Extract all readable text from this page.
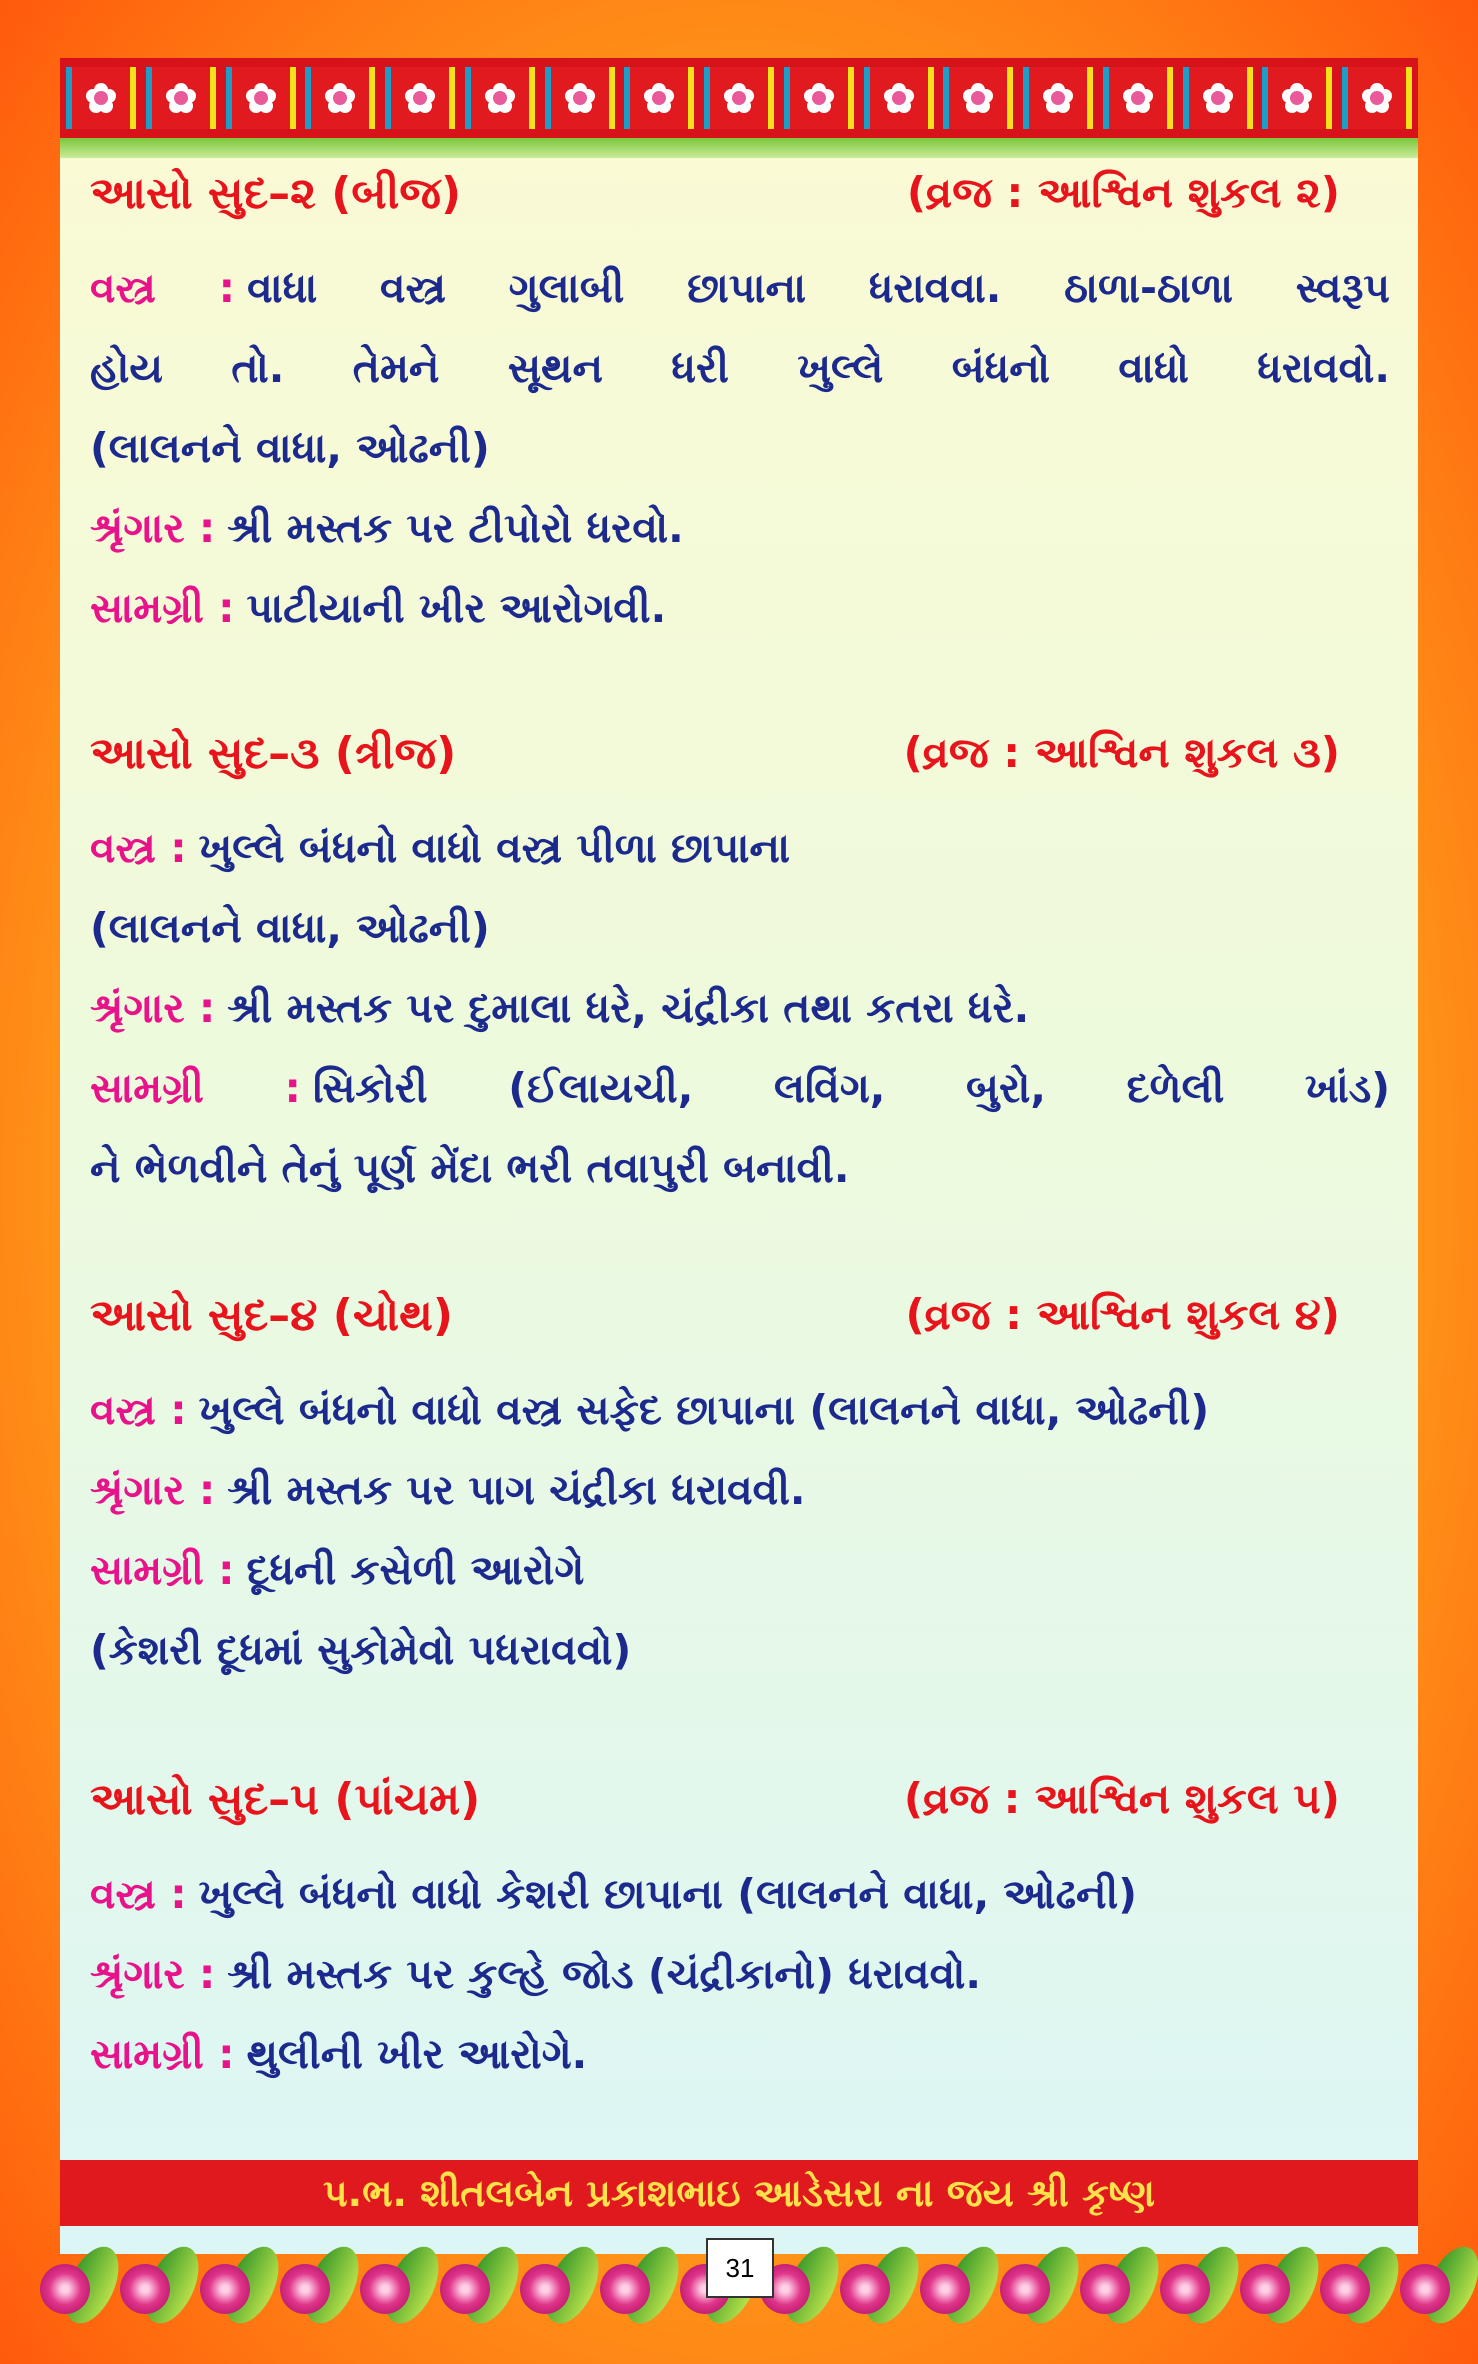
આસો સુદ–૨ (બીજ)	(વ્રજ : આશ્વિન શુકલ ૨)
વસ્ત્ર : વાધા વસ્ત્ર ગુલાબી છાપાના ધરાવવા. ઠાળા-ઠાળા સ્વરૂપ
હોય તો. તેમને સૂથન ધરી ખુલ્લે બંધનો વાધો ધરાવવો.
(લાલનને વાધા, ઓઢની)
શ્રૃંગાર : શ્રી મસ્તક પર ટીપોરો ધરવો.
સામગ્રી : પાટીયાની ખીર આરોગવી.
આસો સુદ–૩ (ત્રીજ)	(વ્રજ : આશ્વિન શુકલ ૩)
વસ્ત્ર : ખુલ્લે બંધનો વાધો વસ્ત્ર પીળા છાપાના
(લાલનને વાધા, ઓઢની)
શ્રૃંગાર : શ્રી મસ્તક પર દુમાલા ધરે, ચંદ્રીકા તથા કતરા ધરે.
સામગ્રી : સિકોરી (ઈલાયચી, લવિંગ, બુરો, દળેલી ખાંડ)
ને ભેળવીને તેનું પૂર્ણ મેંદા ભરી તવાપુરી બનાવી.
આસો સુદ–૪ (ચોથ)	(વ્રજ : આશ્વિન શુકલ ૪)
વસ્ત્ર : ખુલ્લે બંધનો વાધો વસ્ત્ર સફેદ છાપાના (લાલનને વાધા, ઓઢની)
શ્રૃંગાર : શ્રી મસ્તક પર પાગ ચંદ્રીકા ધરાવવી.
સામગ્રી : દૂધની કસેળી આરોગે
(કેશરી દૂધમાં સુકોમેવો પધરાવવો)
આસો સુદ–૫ (પાંચમ)	(વ્રજ : આશ્વિન શુકલ ૫)
વસ્ત્ર : ખુલ્લે બંધનો વાધો કેશરી છાપાના (લાલનને વાધા, ઓઢની)
શ્રૃંગાર : શ્રી મસ્તક પર કુલ્હે જોડ (ચંદ્રીકાનો) ધરાવવો.
સામગ્રી : થુલીની ખીર આરોગે.
પ.ભ. શીતલબેન પ્રકાશભાઇ આડેસરા ના જય શ્રી કૃષ્ણ
31
